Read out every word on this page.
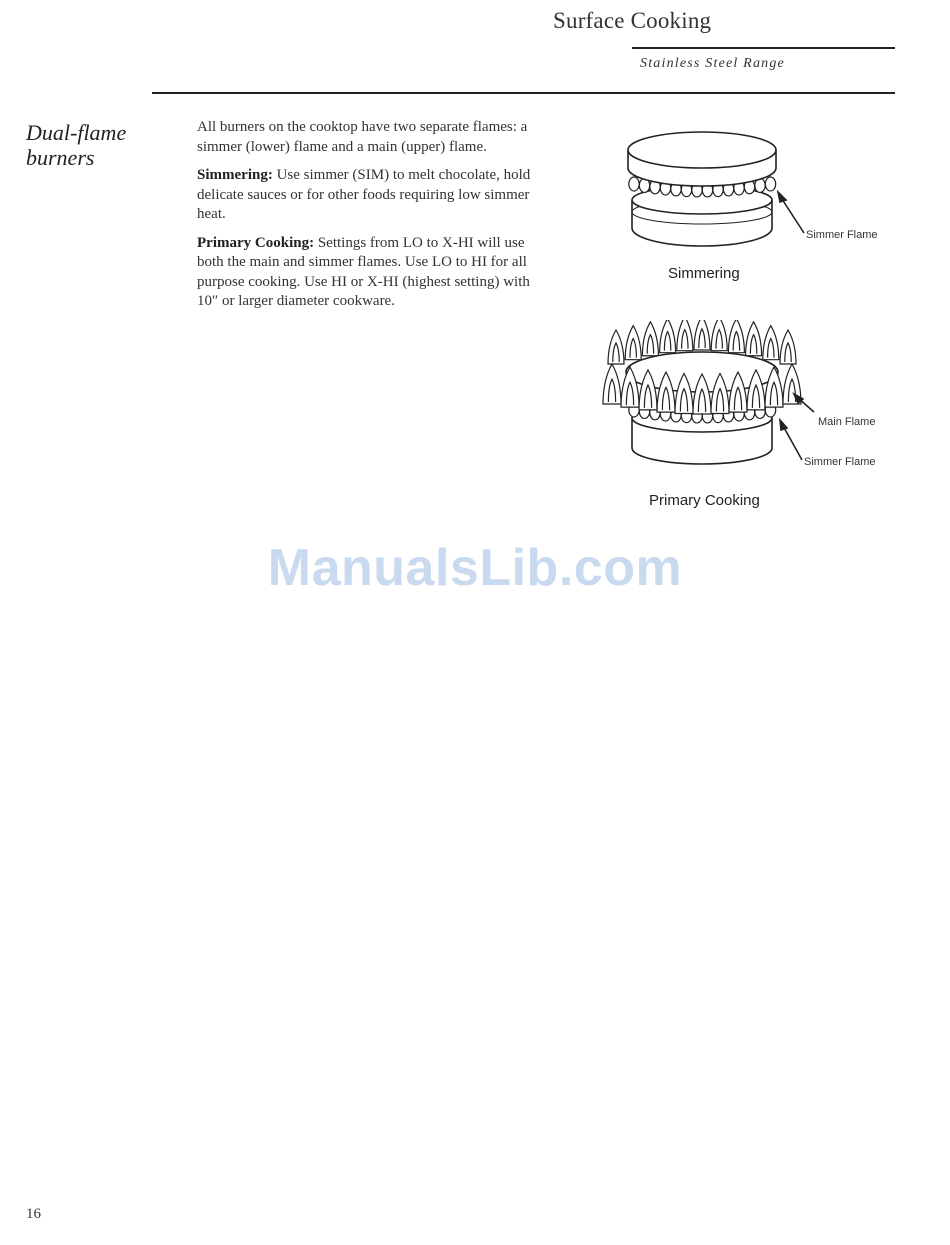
Surface Cooking
Stainless Steel Range
Dual-flame
burners

All burners on the cooktop have two separate flames: a simmer (lower) flame and a main (upper) flame.

Simmering: Use simmer (SIM) to melt chocolate, hold delicate sauces or for other foods requiring low simmer heat.

Primary Cooking: Settings from LO to X-HI will use both the main and simmer flames. Use LO to HI for all purpose cooking. Use HI or X-HI (highest setting) with 10″ or larger diameter cookware.

Simmer Flame
Simmering
Main Flame
Simmer Flame
Primary Cooking
ManualsLib.com
16
